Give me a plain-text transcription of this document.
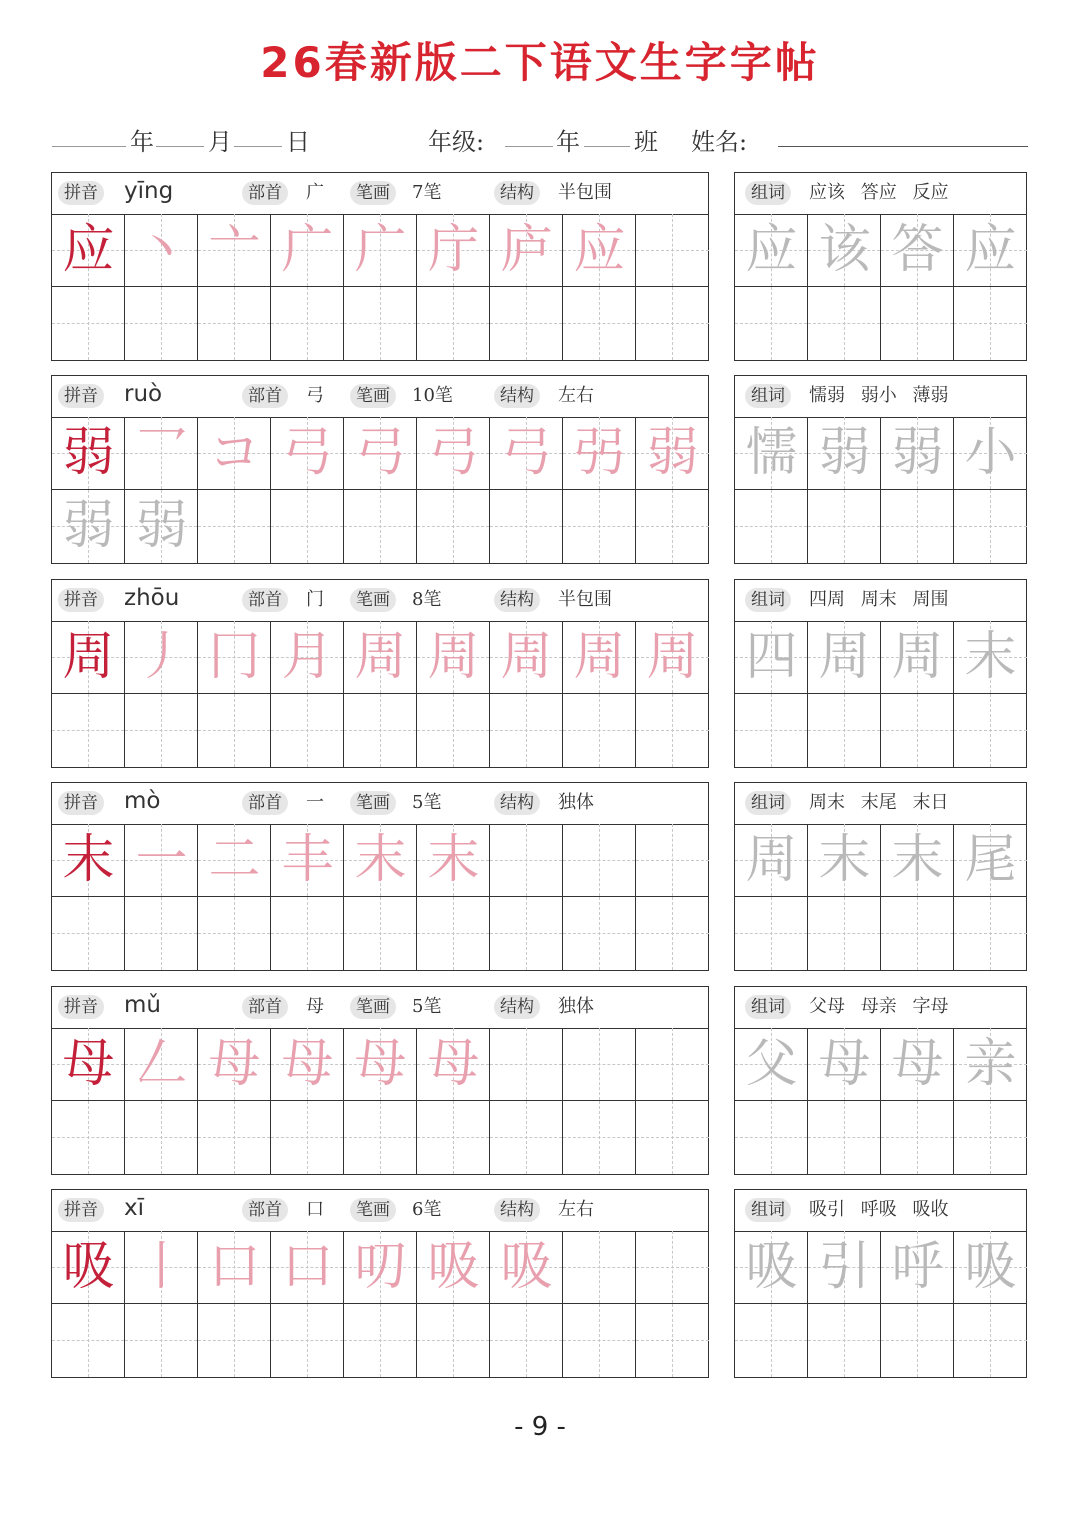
26春新版二下语文生字字帖
年 月 日	年级:	年 班 姓名:
拼音 yīng	部首	广	笔画	7笔	结构	半包围
应 丶 亠 广 广 庁 庐 应
组词	应该 答应 反应
应 该 答 应
拼音 ruò	部首	弓	笔画	10笔	结构	左右
弱 乛 コ 弓 弓 弓 弓 弜 弱
弱 弱
组词	懦弱 弱小 薄弱
懦 弱 弱 小
拼音 zhōu	部首	门	笔画	8笔	结构	半包围
周 丿 冂 月 周 周 周 周 周
组词	四周 周末 周围
四 周 周 末
拼音 mò	部首	一	笔画	5笔	结构	独体
末 一 二 丰 末 末
组词	周末 末尾 末日
周 末 末 尾
拼音 mǔ	部首	母	笔画	5笔	结构	独体
母 𠃋 母 母 母 母
组词	父母 母亲 字母
父 母 母 亲
拼音 xī	部首	口	笔画	6笔	结构	左右
吸 丨 口 口 叨 吸 吸
组词	吸引 呼吸 吸收
吸 引 呼 吸
- 9 -
